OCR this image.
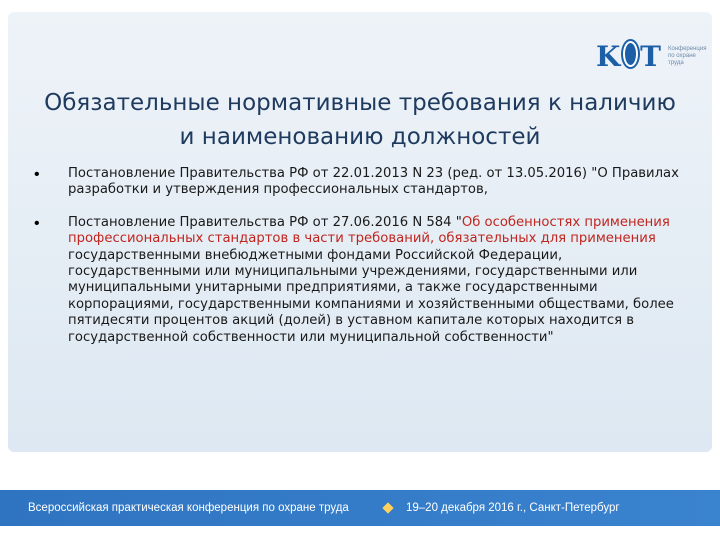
K T Конференция по охране труда
Обязательные нормативные требования к наличию и наименованию должностей
•	Постановление Правительства РФ от 22.01.2013 N 23 (ред. от 13.05.2016) "О Правилах разработки и утверждения профессиональных стандартов,
•	Постановление Правительства РФ от 27.06.2016 N 584 "Об особенностях применения профессиональных стандартов в части требований, обязательных для применения государственными внебюджетными фондами Российской Федерации, государственными или муниципальными учреждениями, государственными или муниципальными унитарными предприятиями, а также государственными корпорациями, государственными компаниями и хозяйственными обществами, более пятидесяти процентов акций (долей) в уставном капитале которых находится в государственной собственности или муниципальной собственности"
Всероссийская практическая конференция по охране труда	19–20 декабря 2016 г., Санкт-Петербург
